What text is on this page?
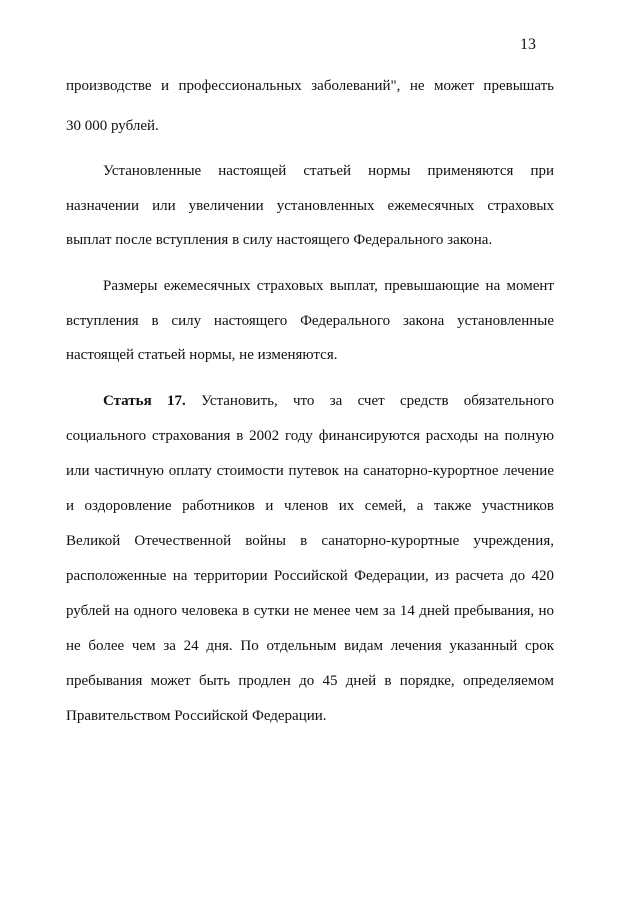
13
производстве и профессиональных заболеваний", не может превышать
30 000 рублей.
Установленные настоящей статьей нормы применяются при
назначении или увеличении установленных ежемесячных страховых
выплат после вступления в силу настоящего Федерального закона.
Размеры ежемесячных страховых выплат, превышающие на момент
вступления в силу настоящего Федерального закона установленные
настоящей статьей нормы, не изменяются.
Статья 17. Установить, что за счет средств обязательного
социального страхования в 2002 году финансируются расходы на полную
или частичную оплату стоимости путевок на санаторно-курортное лечение
и оздоровление работников и членов их семей, а также участников
Великой Отечественной войны в санаторно-курортные учреждения,
расположенные на территории Российской Федерации, из расчета до 420
рублей на одного человека в сутки не менее чем за 14 дней пребывания, но
не более чем за 24 дня. По отдельным видам лечения указанный срок
пребывания может быть продлен до 45 дней в порядке, определяемом
Правительством Российской Федерации.
